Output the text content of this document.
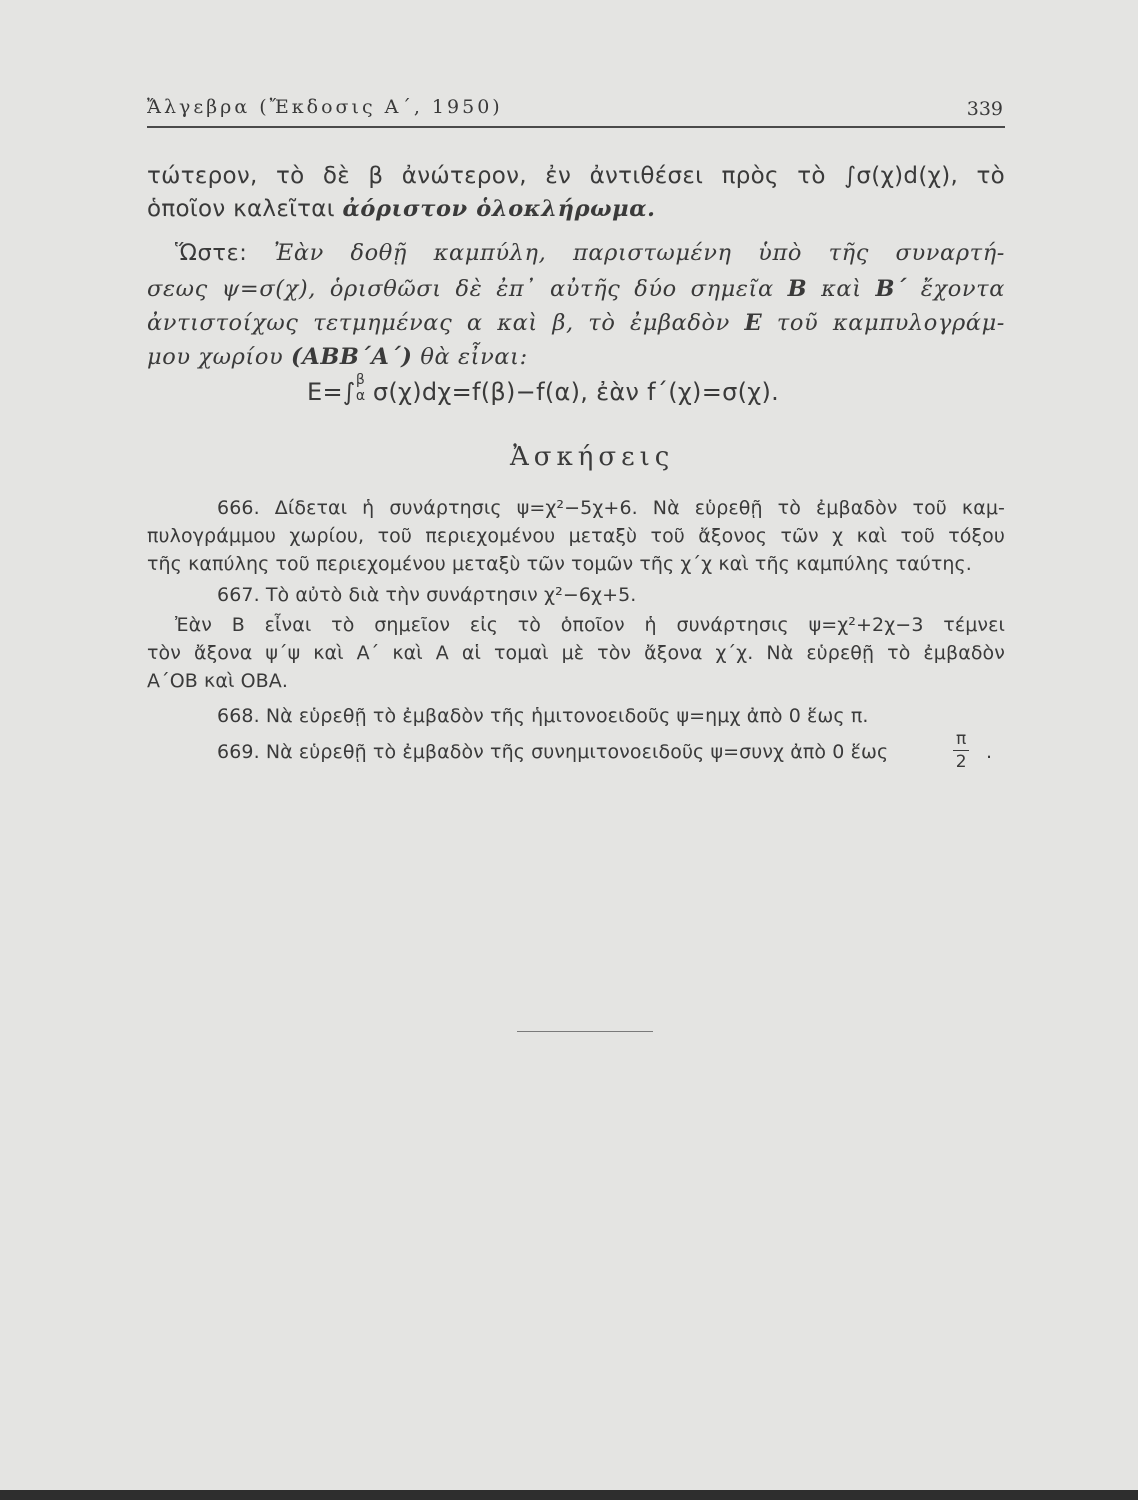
Ἄλγεβρα (Ἔκδοσις Α΄, 1950)	339
τώτερον, τὸ δὲ β ἀνώτερον, ἐν ἀντιθέσει πρὸς τὸ ∫σ(χ)d(χ), τὸ
ὁποῖον καλεῖται ἀόριστον ὁλοκλήρωμα.
Ὥστε: Ἐὰν δοθῇ καμπύλη, παριστωμένη ὑπὸ τῆς συναρτή-
σεως ψ=σ(χ), ὁρισθῶσι δὲ ἐπ᾽ αὐτῆς δύο σημεῖα Β καὶ Β΄ ἔχοντα
ἀντιστοίχως τετμημένας α καὶ β, τὸ ἐμβαδὸν Ε τοῦ καμπυλογράμ-
μου χωρίου (ΑΒΒ΄Α΄) θὰ εἶναι:
Ε=∫ β
α σ(χ)dχ=f(β)−f(α), ἐὰν f΄(χ)=σ(χ).
Ἀσκήσεις
666. Δίδεται ἡ συνάρτησις ψ=χ²−5χ+6. Νὰ εὑρεθῇ τὸ ἐμβαδὸν τοῦ καμ-
πυλογράμμου χωρίου, τοῦ περιεχομένου μεταξὺ τοῦ ἄξονος τῶν χ καὶ τοῦ τόξου
τῆς καπύλης τοῦ περιεχομένου μεταξὺ τῶν τομῶν τῆς χ΄χ καὶ τῆς καμπύλης ταύτης.
667. Τὸ αὐτὸ διὰ τὴν συνάρτησιν χ²−6χ+5.
Ἐὰν Β εἶναι τὸ σημεῖον εἰς τὸ ὁποῖον ἡ συνάρτησις ψ=χ²+2χ−3 τέμνει
τὸν ἄξονα ψ΄ψ καὶ Α΄ καὶ Α αἱ τομαὶ μὲ τὸν ἄξονα χ΄χ. Νὰ εὑρεθῇ τὸ ἐμβαδὸν
Α΄ΟΒ καὶ ΟΒΑ.
668. Νὰ εὑρεθῇ τὸ ἐμβαδὸν τῆς ἡμιτονοειδοῦς ψ=ημχ ἀπὸ 0 ἕως π.
669. Νὰ εὑρεθῇ τὸ ἐμβαδὸν τῆς συνημιτονοειδοῦς ψ=συνχ ἀπὸ 0 ἕως	$\frac{\pi}{2}$ .
